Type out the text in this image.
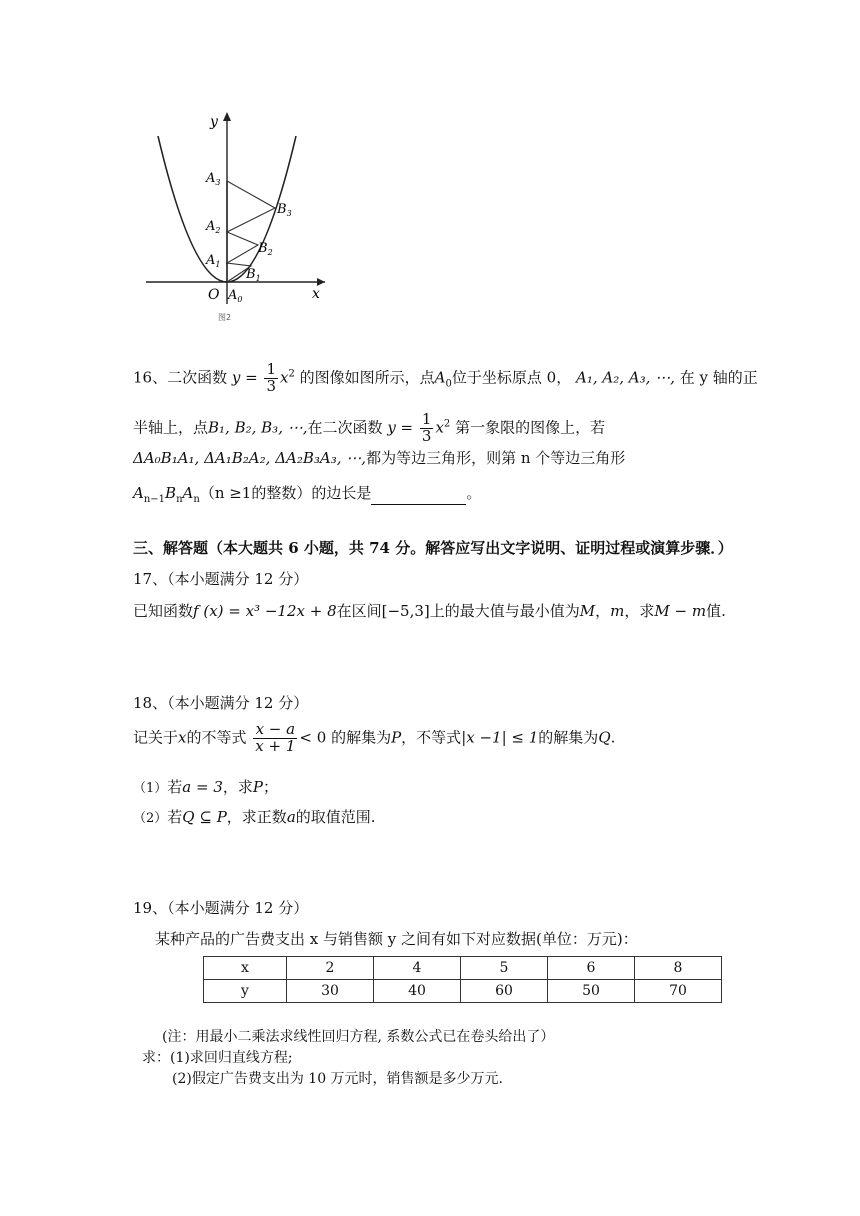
y
x
O $A_0$
$A_1$
$A_2$
$A_3$
$B_1$
$B_2$
$B_3$
图2
16、二次函数 $y = \frac{1}{3} x^2$ 的图像如图所示，点$A_0$位于坐标原点 0， A₁, A₂, A₃, ⋯, 在 y 轴的正
半轴上，点B₁, B₂, B₃, ⋯,在二次函数 $y = \frac{1}{3} x^2$ 第一象限的图像上，若
ΔA₀B₁A₁, ΔA₁B₂A₂, ΔA₂B₃A₃, ⋯,都为等边三角形，则第 n 个等边三角形
$A_{n-1}B_nA_n(n \ge 1$的整数）的边长是	。
三、解答题（本大题共 6 小题，共 74 分。解答应写出文字说明、证明过程或演算步骤．）
17、（本小题满分 12 分）
已知函数f (x) = x³ −12x + 8在区间[−5,3]上的最大值与最小值为M，m，求M − m值.
18、（本小题满分 12 分）
记关于x的不等式 $\frac{x - a}{x + 1} < 0$ 的解集为P，不等式|x −1| ≤ 1的解集为Q.
（1）若a = 3，求P；
（2）若Q ⊆ P，求正数a的取值范围.
19、（本小题满分 12 分）
某种产品的广告费支出 x 与销售额 y 之间有如下对应数据(单位：万元)：
x	2	4	5	6	8
y	30	40	60	50	70
(注：用最小二乘法求线性回归方程, 系数公式已在卷头给出了）
求：(1)求回归直线方程;
(2)假定广告费支出为 10 万元时，销售额是多少万元.
